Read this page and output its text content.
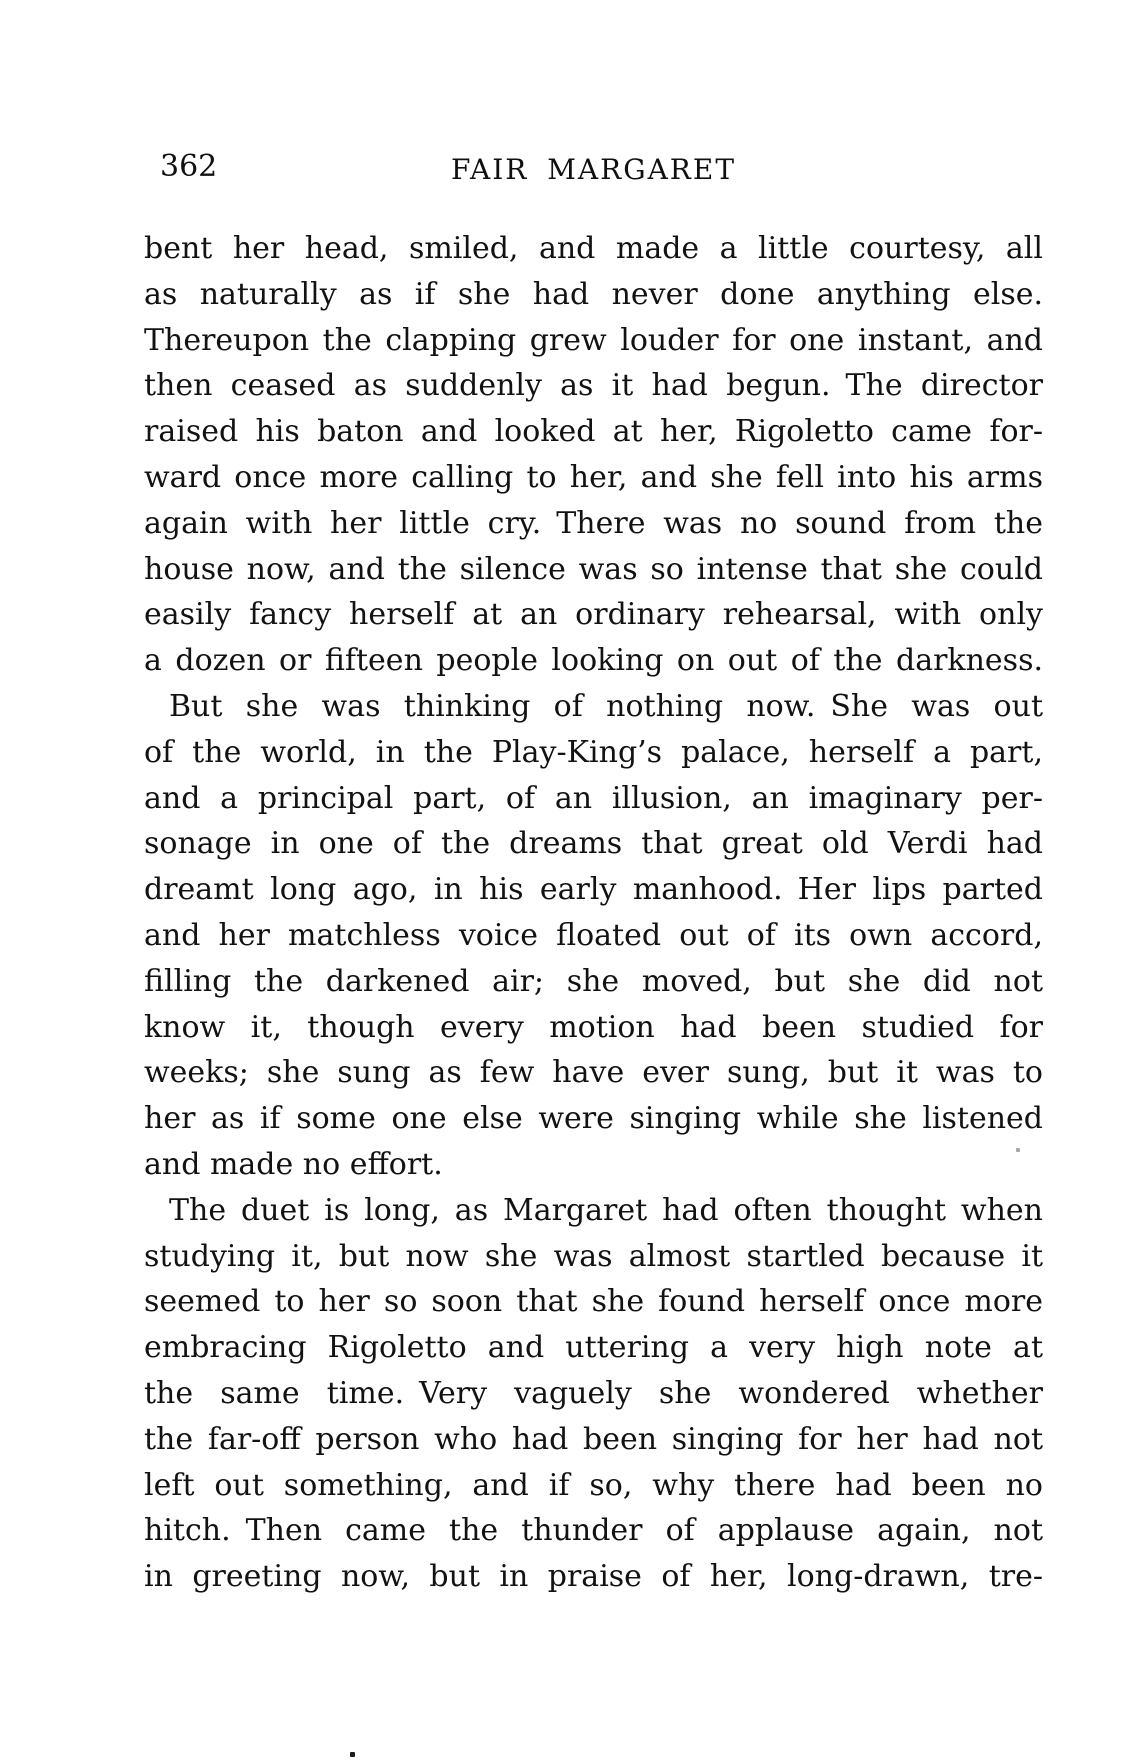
362	FAIR MARGARET
bent her head, smiled, and made a little courtesy, all
as naturally as if she had never done anything else.
Thereupon the clapping grew louder for one instant, and
then ceased as suddenly as it had begun. The director
raised his baton and looked at her, Rigoletto came for-
ward once more calling to her, and she fell into his arms
again with her little cry. There was no sound from the
house now, and the silence was so intense that she could
easily fancy herself at an ordinary rehearsal, with only
a dozen or fifteen people looking on out of the darkness.
But she was thinking of nothing now. She was out
of the world, in the Play-King’s palace, herself a part,
and a principal part, of an illusion, an imaginary per-
sonage in one of the dreams that great old Verdi had
dreamt long ago, in his early manhood. Her lips parted
and her matchless voice floated out of its own accord,
filling the darkened air; she moved, but she did not
know it, though every motion had been studied for
weeks; she sung as few have ever sung, but it was to
her as if some one else were singing while she listened
and made no effort.
The duet is long, as Margaret had often thought when
studying it, but now she was almost startled because it
seemed to her so soon that she found herself once more
embracing Rigoletto and uttering a very high note at
the same time. Very vaguely she wondered whether
the far-off person who had been singing for her had not
left out something, and if so, why there had been no
hitch. Then came the thunder of applause again, not
in greeting now, but in praise of her, long-drawn, tre-
